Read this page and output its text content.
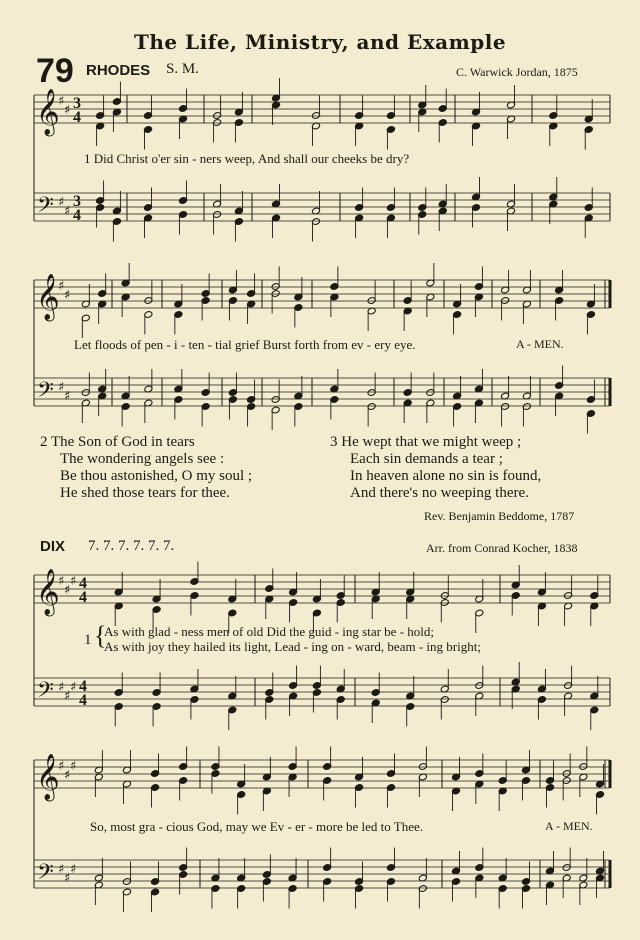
The Life, Ministry, and Example
79 RHODES S. M.	C. Warwick Jordan, 1875
𝄞
𝄢
♯
♯
♯
♯
3
4
3
4
𝄞
𝄢
♯
♯
♯
♯
𝄞
𝄢
♯
♯
♯
♯
♯
♯
4
4
4
4
𝄞
𝄢
♯
♯
♯
♯
♯
♯
1 Did Christ o'er sin - ners weep, And shall our cheeks be dry?
Let floods of pen - i - ten - tial grief Burst forth from ev - ery eye.	A - MEN.
2 The Son of God in tears
The wondering angels see :
Be thou astonished, O my soul ;
He shed those tears for thee.
3 He wept that we might weep ;
Each sin demands a tear ;
In heaven alone no sin is found,
And there's no weeping there.
Rev. Benjamin Beddome, 1787
DIX 7. 7. 7. 7. 7. 7.	Arr. from Conrad Kocher, 1838
1 {
As with glad - ness men of old Did the guid - ing star be - hold;
As with joy they hailed its light, Lead - ing on - ward, beam - ing bright;
So, most gra - cious God, may we Ev - er - more be led to Thee.	A - MEN.
